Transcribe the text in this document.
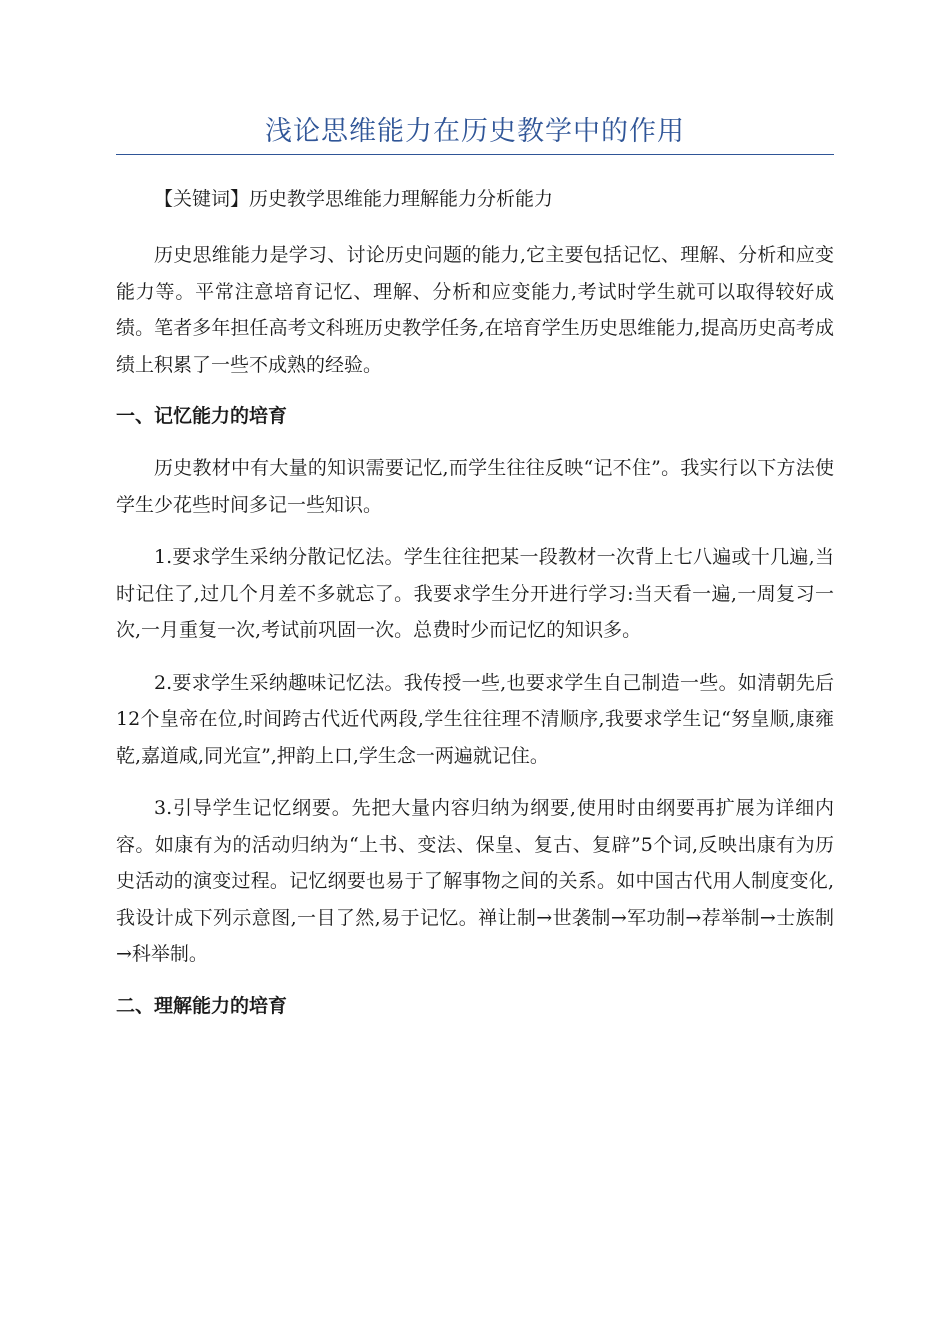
浅论思维能力在历史教学中的作用

【关键词】历史教学思维能力理解能力分析能力

历史思维能力是学习、讨论历史问题的能力,它主要包括记忆、理解、分析和应变能力等。平常注意培育记忆、理解、分析和应变能力,考试时学生就可以取得较好成绩。笔者多年担任高考文科班历史教学任务,在培育学生历史思维能力,提高历史高考成绩上积累了一些不成熟的经验。

一、记忆能力的培育

历史教材中有大量的知识需要记忆,而学生往往反映“记不住”。我实行以下方法使学生少花些时间多记一些知识。

1.要求学生采纳分散记忆法。学生往往把某一段教材一次背上七八遍或十几遍,当时记住了,过几个月差不多就忘了。我要求学生分开进行学习:当天看一遍,一周复习一次,一月重复一次,考试前巩固一次。总费时少而记忆的知识多。

2.要求学生采纳趣味记忆法。我传授一些,也要求学生自己制造一些。如清朝先后12个皇帝在位,时间跨古代近代两段,学生往往理不清顺序,我要求学生记“努皇顺,康雍乾,嘉道咸,同光宣”,押韵上口,学生念一两遍就记住。

3.引导学生记忆纲要。先把大量内容归纳为纲要,使用时由纲要再扩展为详细内容。如康有为的活动归纳为“上书、变法、保皇、复古、复辟”5个词,反映出康有为历史活动的演变过程。记忆纲要也易于了解事物之间的关系。如中国古代用人制度变化,我设计成下列示意图,一目了然,易于记忆。禅让制→世袭制→军功制→荐举制→士族制→科举制。

二、理解能力的培育
